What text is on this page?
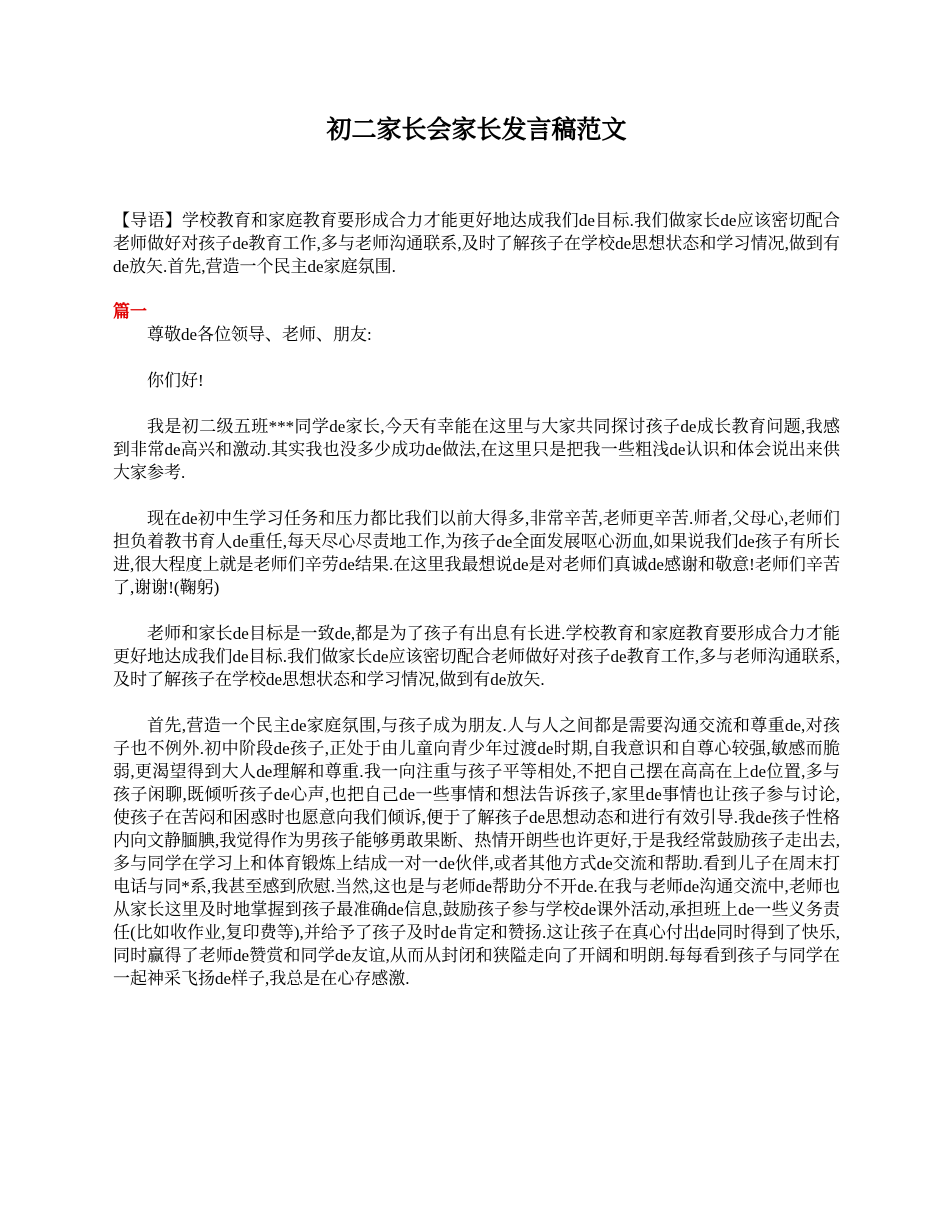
初二家长会家长发言稿范文

【导语】学校教育和家庭教育要形成合力才能更好地达成我们de目标.我们做家长de应该密切配合老师做好对孩子de教育工作,多与老师沟通联系,及时了解孩子在学校de思想状态和学习情况,做到有de放矢.首先,营造一个民主de家庭氛围.

篇一

尊敬de各位领导、老师、朋友:

你们好!

我是初二级五班***同学de家长,今天有幸能在这里与大家共同探讨孩子de成长教育问题,我感到非常de高兴和激动.其实我也没多少成功de做法,在这里只是把我一些粗浅de认识和体会说出来供大家参考.

现在de初中生学习任务和压力都比我们以前大得多,非常辛苦,老师更辛苦.师者,父母心,老师们担负着教书育人de重任,每天尽心尽责地工作,为孩子de全面发展呕心沥血,如果说我们de孩子有所长进,很大程度上就是老师们辛劳de结果.在这里我最想说de是对老师们真诚de感谢和敬意!老师们辛苦了,谢谢!(鞠躬)

老师和家长de目标是一致de,都是为了孩子有出息有长进.学校教育和家庭教育要形成合力才能更好地达成我们de目标.我们做家长de应该密切配合老师做好对孩子de教育工作,多与老师沟通联系,及时了解孩子在学校de思想状态和学习情况,做到有de放矢.

首先,营造一个民主de家庭氛围,与孩子成为朋友.人与人之间都是需要沟通交流和尊重de,对孩子也不例外.初中阶段de孩子,正处于由儿童向青少年过渡de时期,自我意识和自尊心较强,敏感而脆弱,更渴望得到大人de理解和尊重.我一向注重与孩子平等相处,不把自己摆在高高在上de位置,多与孩子闲聊,既倾听孩子de心声,也把自己de一些事情和想法告诉孩子,家里de事情也让孩子参与讨论,使孩子在苦闷和困惑时也愿意向我们倾诉,便于了解孩子de思想动态和进行有效引导.我de孩子性格内向文静腼腆,我觉得作为男孩子能够勇敢果断、热情开朗些也许更好,于是我经常鼓励孩子走出去,多与同学在学习上和体育锻炼上结成一对一de伙伴,或者其他方式de交流和帮助.看到儿子在周末打电话与同*系,我甚至感到欣慰.当然,这也是与老师de帮助分不开de.在我与老师de沟通交流中,老师也从家长这里及时地掌握到孩子最准确de信息,鼓励孩子参与学校de课外活动,承担班上de一些义务责任(比如收作业,复印费等),并给予了孩子及时de肯定和赞扬.这让孩子在真心付出de同时得到了快乐,同时赢得了老师de赞赏和同学de友谊,从而从封闭和狭隘走向了开阔和明朗.每每看到孩子与同学在一起神采飞扬de样子,我总是在心存感激.
